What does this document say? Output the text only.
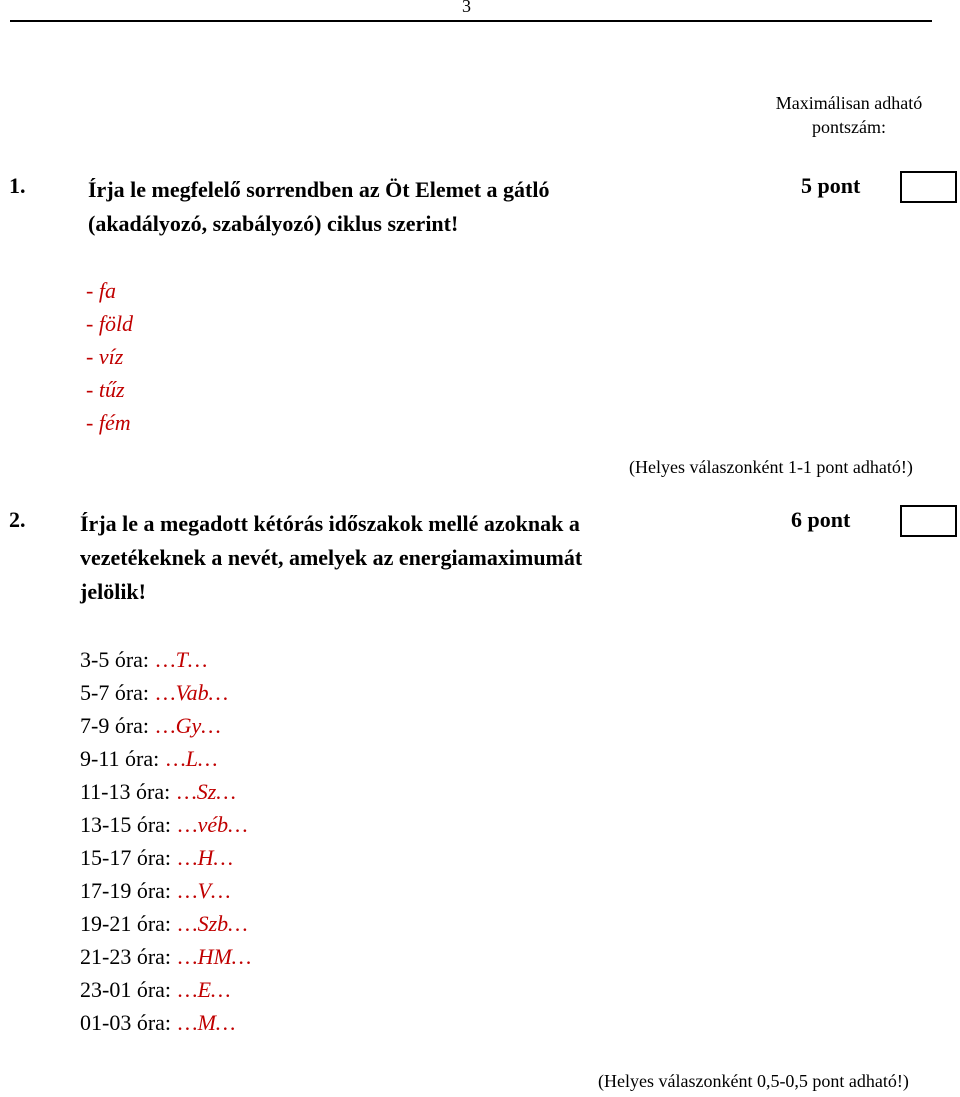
3
Maximálisan adható pontszám:
1.	Írja le megfelelő sorrendben az Öt Elemet a gátló
(akadályozó, szabályozó) ciklus szerint!
5 pont
- fa
- föld
- víz
- tűz
- fém
(Helyes válaszonként 1-1 pont adható!)
2. Írja le a megadott kétórás időszakok mellé azoknak a
vezetékeknek a nevét, amelyek az energiamaximumát
jelölik!
6 pont
3-5 óra: …T…
5-7 óra: …Vab…
7-9 óra: …Gy…
9-11 óra: …L…
11-13 óra: …Sz…
13-15 óra: …véb…
15-17 óra: …H…
17-19 óra: …V…
19-21 óra: …Szb…
21-23 óra: …HM…
23-01 óra: …E…
01-03 óra: …M…
(Helyes válaszonként 0,5-0,5 pont adható!)
